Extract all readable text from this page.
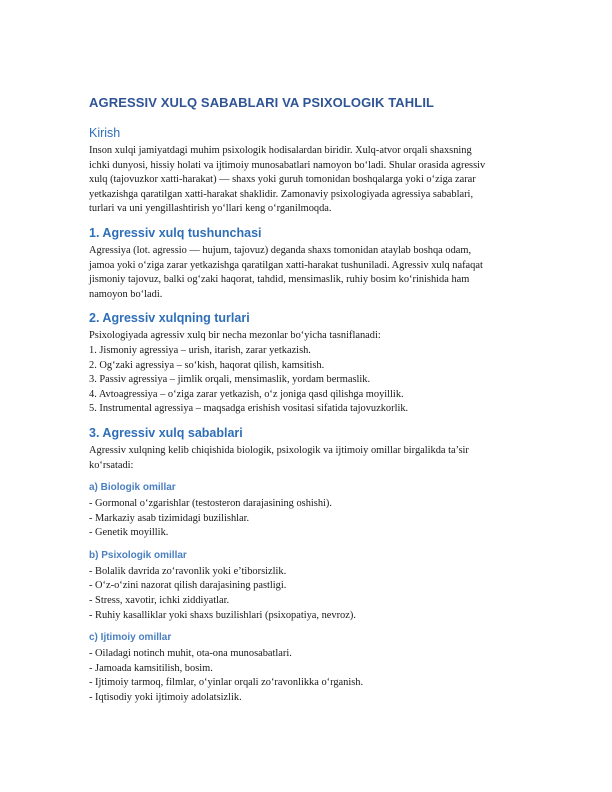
AGRESSIV XULQ SABABLARI VA PSIXOLOGIK TAHLIL
Kirish

Inson xulqi jamiyatdagi muhim psixologik hodisalardan biridir. Xulq-atvor orqali shaxsning
ichki dunyosi, hissiy holati va ijtimoiy munosabatlari namoyon bo‘ladi. Shular orasida agressiv
xulq (tajovuzkor xatti-harakat) — shaxs yoki guruh tomonidan boshqalarga yoki o‘ziga zarar
yetkazishga qaratilgan xatti-harakat shaklidir. Zamonaviy psixologiyada agressiya sabablari,
turlari va uni yengillashtirish yo‘llari keng o‘rganilmoqda.

1. Agressiv xulq tushunchasi

Agressiya (lot. agressio — hujum, tajovuz) deganda shaxs tomonidan ataylab boshqa odam,
jamoa yoki o‘ziga zarar yetkazishga qaratilgan xatti-harakat tushuniladi. Agressiv xulq nafaqat
jismoniy tajovuz, balki og‘zaki haqorat, tahdid, mensimaslik, ruhiy bosim ko‘rinishida ham
namoyon bo‘ladi.

2. Agressiv xulqning turlari

Psixologiyada agressiv xulq bir necha mezonlar bo‘yicha tasniflanadi:
1. Jismoniy agressiya – urish, itarish, zarar yetkazish.
2. Og‘zaki agressiya – so‘kish, haqorat qilish, kamsitish.
3. Passiv agressiya – jimlik orqali, mensimaslik, yordam bermaslik.
4. Avtoagressiya – o‘ziga zarar yetkazish, o‘z joniga qasd qilishga moyillik.
5. Instrumental agressiya – maqsadga erishish vositasi sifatida tajovuzkorlik.

3. Agressiv xulq sabablari

Agressiv xulqning kelib chiqishida biologik, psixologik va ijtimoiy omillar birgalikda ta’sir
ko‘rsatadi:

a) Biologik omillar

- Gormonal o‘zgarishlar (testosteron darajasining oshishi).
- Markaziy asab tizimidagi buzilishlar.
- Genetik moyillik.

b) Psixologik omillar

- Bolalik davrida zo‘ravonlik yoki e’tiborsizlik.
- O‘z-o‘zini nazorat qilish darajasining pastligi.
- Stress, xavotir, ichki ziddiyatlar.
- Ruhiy kasalliklar yoki shaxs buzilishlari (psixopatiya, nevroz).

c) Ijtimoiy omillar

- Oiladagi notinch muhit, ota-ona munosabatlari.
- Jamoada kamsitilish, bosim.
- Ijtimoiy tarmoq, filmlar, o‘yinlar orqali zo‘ravonlikka o‘rganish.
- Iqtisodiy yoki ijtimoiy adolatsizlik.
